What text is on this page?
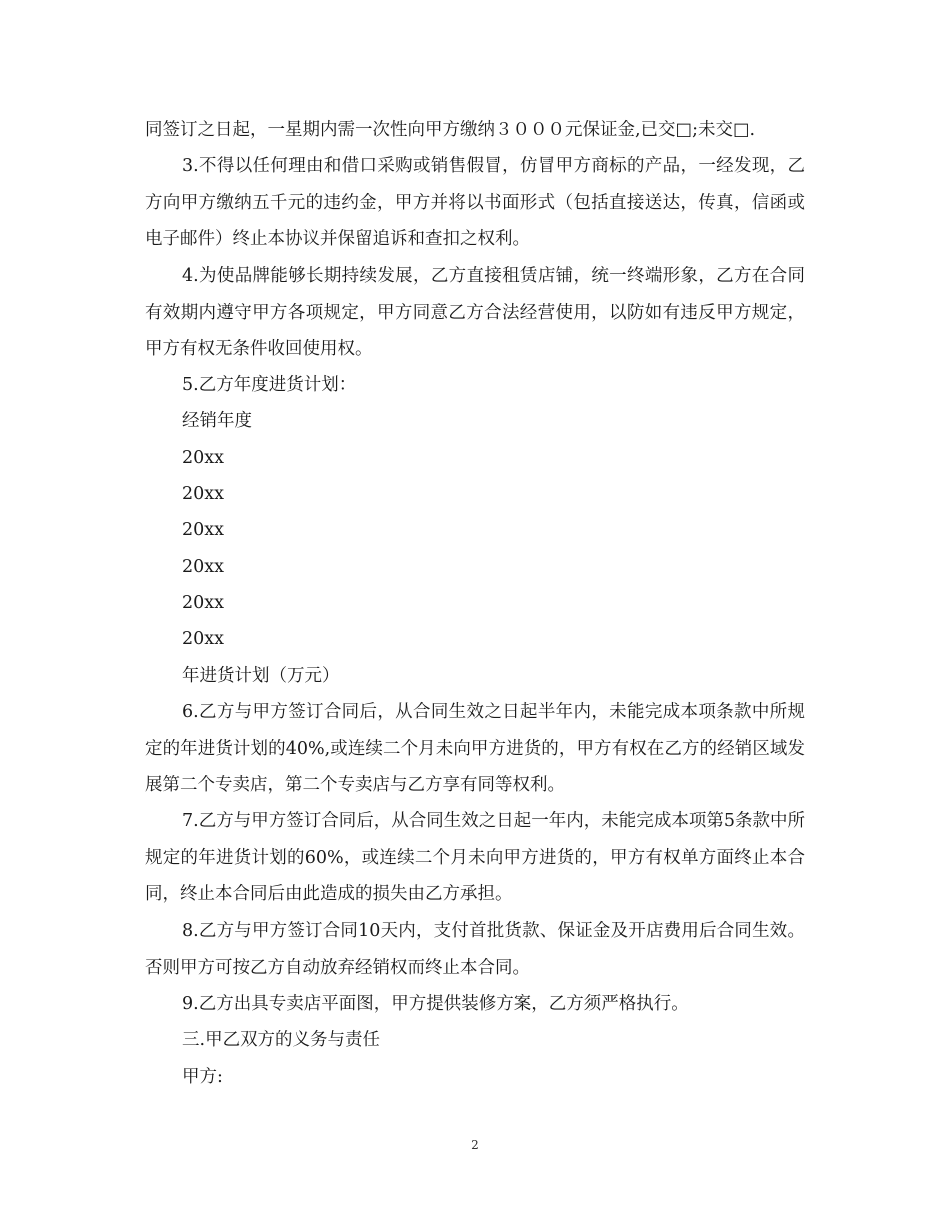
同签订之日起，一星期内需一次性向甲方缴纳３０００元保证金,已交□;未交□.

3.不得以任何理由和借口采购或销售假冒，仿冒甲方商标的产品，一经发现，乙方向甲方缴纳五千元的违约金，甲方并将以书面形式（包括直接送达，传真，信函或电子邮件）终止本协议并保留追诉和查扣之权利。

4.为使品牌能够长期持续发展，乙方直接租赁店铺，统一终端形象，乙方在合同有效期内遵守甲方各项规定，甲方同意乙方合法经营使用，以防如有违反甲方规定，甲方有权无条件收回使用权。

5.乙方年度进货计划：

经销年度

20xx

20xx

20xx

20xx

20xx

20xx

年进货计划（万元）

6.乙方与甲方签订合同后，从合同生效之日起半年内，未能完成本项条款中所规定的年进货计划的40%,或连续二个月未向甲方进货的，甲方有权在乙方的经销区域发展第二个专卖店，第二个专卖店与乙方享有同等权利。

7.乙方与甲方签订合同后，从合同生效之日起一年内，未能完成本项第5条款中所规定的年进货计划的60%，或连续二个月未向甲方进货的，甲方有权单方面终止本合同，终止本合同后由此造成的损失由乙方承担。

8.乙方与甲方签订合同10天内，支付首批货款、保证金及开店费用后合同生效。否则甲方可按乙方自动放弃经销权而终止本合同。

9.乙方出具专卖店平面图，甲方提供装修方案，乙方须严格执行。

三.甲乙双方的义务与责任

甲方:

2
